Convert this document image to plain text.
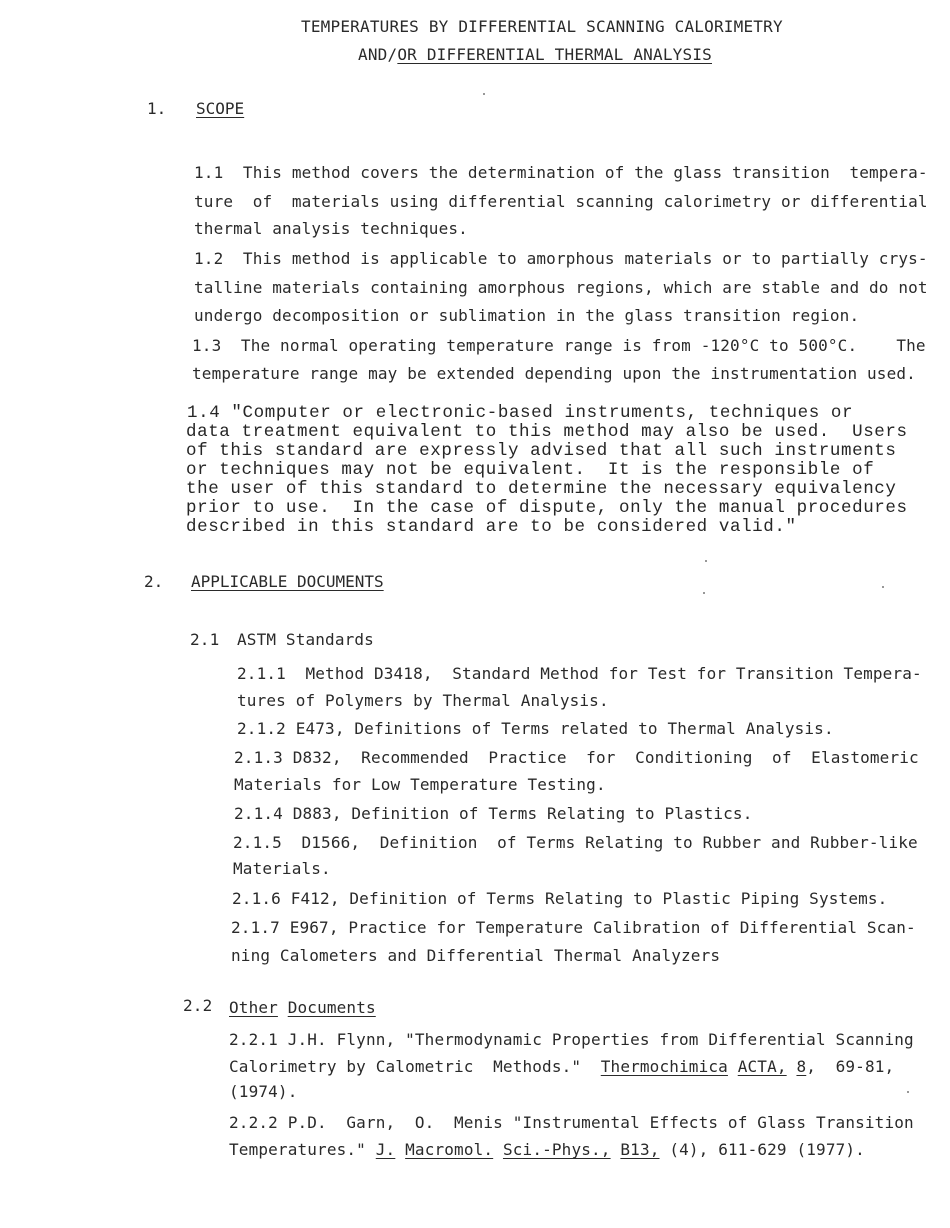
TEMPERATURES BY DIFFERENTIAL SCANNING CALORIMETRY
AND/OR DIFFERENTIAL THERMAL ANALYSIS
1. SCOPE
1.1  This method covers the determination of the glass transition  tempera-
ture  of  materials using differential scanning calorimetry or differential
thermal analysis techniques.
1.2  This method is applicable to amorphous materials or to partially crys-
talline materials containing amorphous regions, which are stable and do not
undergo decomposition or sublimation in the glass transition region.
1.3  The normal operating temperature range is from -120°C to 500°C.    The
temperature range may be extended depending upon the instrumentation used.
1.4 "Computer or electronic-based instruments, techniques or
data treatment equivalent to this method may also be used.  Users
of this standard are expressly advised that all such instruments
or techniques may not be equivalent.  It is the responsible of
the user of this standard to determine the necessary equivalency
prior to use.  In the case of dispute, only the manual procedures
described in this standard are to be considered valid."
2. APPLICABLE DOCUMENTS
2.1 ASTM Standards
2.1.1  Method D3418,  Standard Method for Test for Transition Tempera-
tures of Polymers by Thermal Analysis.
2.1.2 E473, Definitions of Terms related to Thermal Analysis.
2.1.3 D832,  Recommended  Practice  for  Conditioning  of  Elastomeric
Materials for Low Temperature Testing.
2.1.4 D883, Definition of Terms Relating to Plastics.
2.1.5  D1566,  Definition  of Terms Relating to Rubber and Rubber-like
Materials.
2.1.6 F412, Definition of Terms Relating to Plastic Piping Systems.
2.1.7 E967, Practice for Temperature Calibration of Differential Scan-
ning Calometers and Differential Thermal Analyzers
2.2 Other Documents
2.2.1 J.H. Flynn, "Thermodynamic Properties from Differential Scanning
Calorimetry by Calometric  Methods."  Thermochimica ACTA, 8,  69-81,
(1974).
2.2.2 P.D.  Garn,  O.  Menis "Instrumental Effects of Glass Transition
Temperatures." J. Macromol. Sci.-Phys., B13, (4), 611-629 (1977).
